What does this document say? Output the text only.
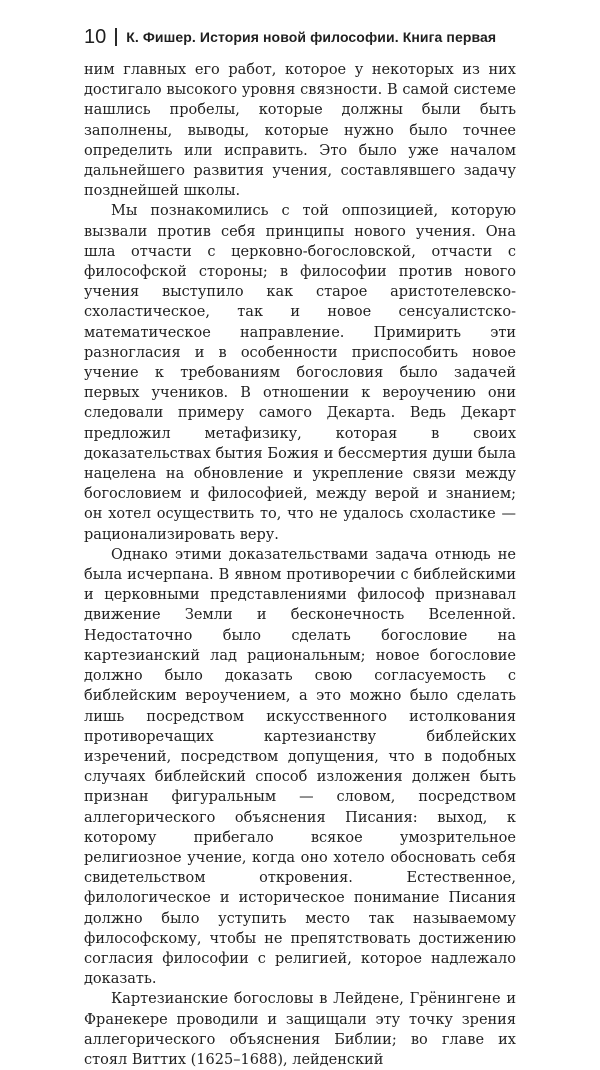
10 К. Фишер. История новой философии. Книга первая

ним главных его работ, которое у некоторых из них достигало высокого уровня связности. В самой системе нашлись пробелы, которые должны были быть заполнены, выводы, которые нужно было точнее определить или исправить. Это было уже началом дальнейшего развития учения, составлявшего задачу позднейшей школы.

Мы познакомились с той оппозицией, которую вызвали против себя принципы нового учения. Она шла отчасти с церковно-богословской, отчасти с философской стороны; в философии против нового учения выступило как старое аристотелевско-схоластическое, так и новое сенсуалистско-математическое направление. Примирить эти разногласия и в особенности приспособить новое учение к требованиям богословия было задачей первых учеников. В отношении к вероучению они следовали примеру самого Декарта. Ведь Декарт предложил метафизику, которая в своих доказательствах бытия Божия и бессмертия души была нацелена на обновление и укрепление связи между богословием и философией, между верой и знанием; он хотел осуществить то, что не удалось схоластике — рационализировать веру.

Однако этими доказательствами задача отнюдь не была исчерпана. В явном противоречии с библейскими и церковными представлениями философ признавал движение Земли и бесконечность Вселенной. Недостаточно было сделать богословие на картезианский лад рациональным; новое богословие должно было доказать свою согласуемость с библейским вероучением, а это можно было сделать лишь посредством искусственного истолкования противоречащих картезианству библейских изречений, посредством допущения, что в подобных случаях библейский способ изложения должен быть признан фигуральным — словом, посредством аллегорического объяснения Писания: выход, к которому прибегало всякое умозрительное религиозное учение, когда оно хотело обосновать себя свидетельством откровения. Естественное, филологическое и историческое понимание Писания должно было уступить место так называемому философскому, чтобы не препятствовать достижению согласия философии с религией, которое надлежало доказать.

Картезианские богословы в Лейдене, Грёнингене и Франекере проводили и защищали эту точку зрения аллегорического объяснения Библии; во главе их стоял Виттих (1625–1688), лейденский
